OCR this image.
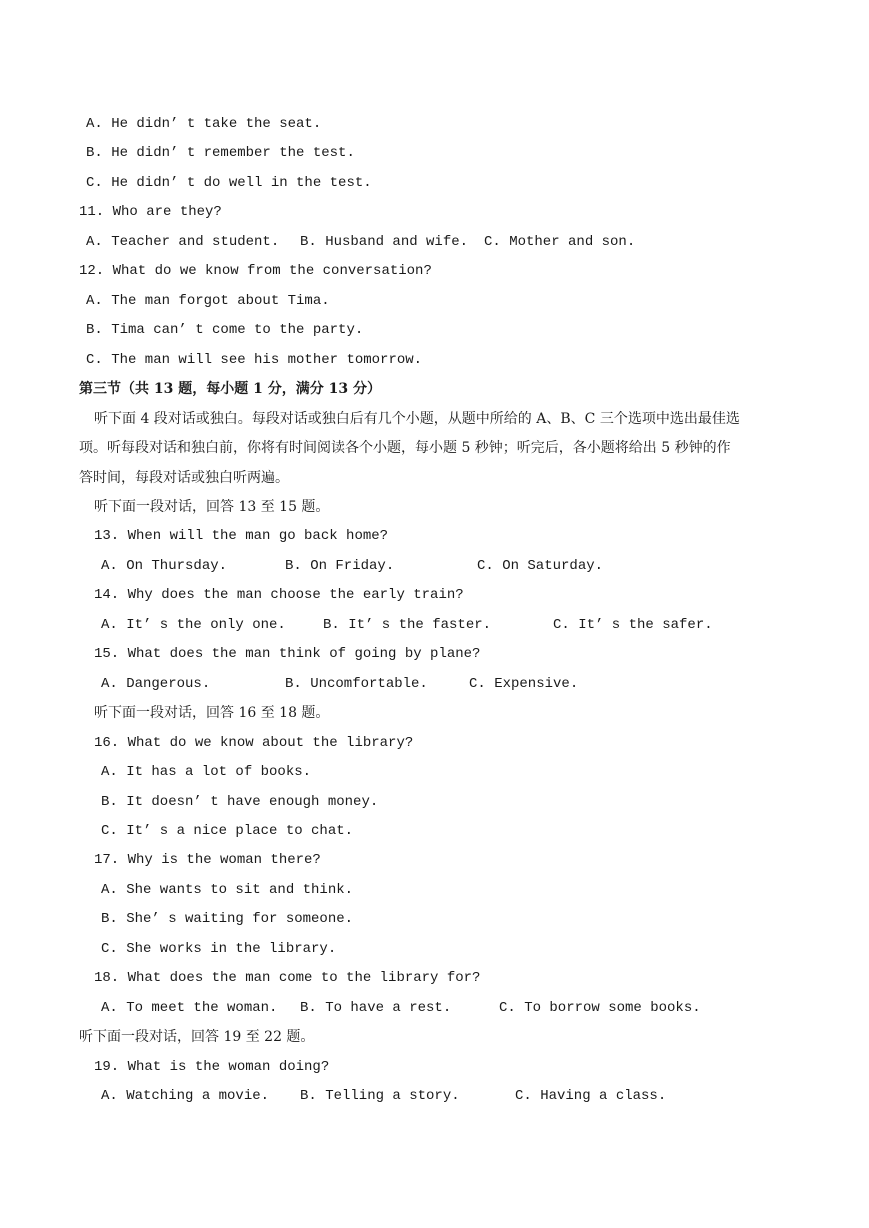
A. He didn’ t take the seat.
B. He didn’ t remember the test.
C. He didn’ t do well in the test.
11. Who are they?
A. Teacher and student. B. Husband and wife. C. Mother and son.
12. What do we know from the conversation?
A. The man forgot about Tima.
B. Tima can’ t come to the party.
C. The man will see his mother tomorrow.
第三节（共 13 题，每小题 1 分，满分 13 分）
听下面 4 段对话或独白。每段对话或独白后有几个小题，从题中所给的 A、B、C 三个选项中选出最佳选
项。听每段对话和独白前，你将有时间阅读各个小题，每小题 5 秒钟；听完后，各小题将给出 5 秒钟的作
答时间，每段对话或独白听两遍。
听下面一段对话，回答 13 至 15 题。
13. When will the man go back home?
A. On Thursday.	B. On Friday.	C. On Saturday.
14. Why does the man choose the early train?
A. It’ s the only one.	B. It’ s the faster.	C. It’ s the safer.
15. What does the man think of going by plane?
A. Dangerous.	B. Uncomfortable.	C. Expensive.
听下面一段对话，回答 16 至 18 题。
16. What do we know about the library?
A. It has a lot of books.
B. It doesn’ t have enough money.
C. It’ s a nice place to chat.
17. Why is the woman there?
A. She wants to sit and think.
B. She’ s waiting for someone.
C. She works in the library.
18. What does the man come to the library for?
A. To meet the woman. B. To have a rest.	C. To borrow some books.
听下面一段对话，回答 19 至 22 题。
19. What is the woman doing?
A. Watching a movie. B. Telling a story.	C. Having a class.
